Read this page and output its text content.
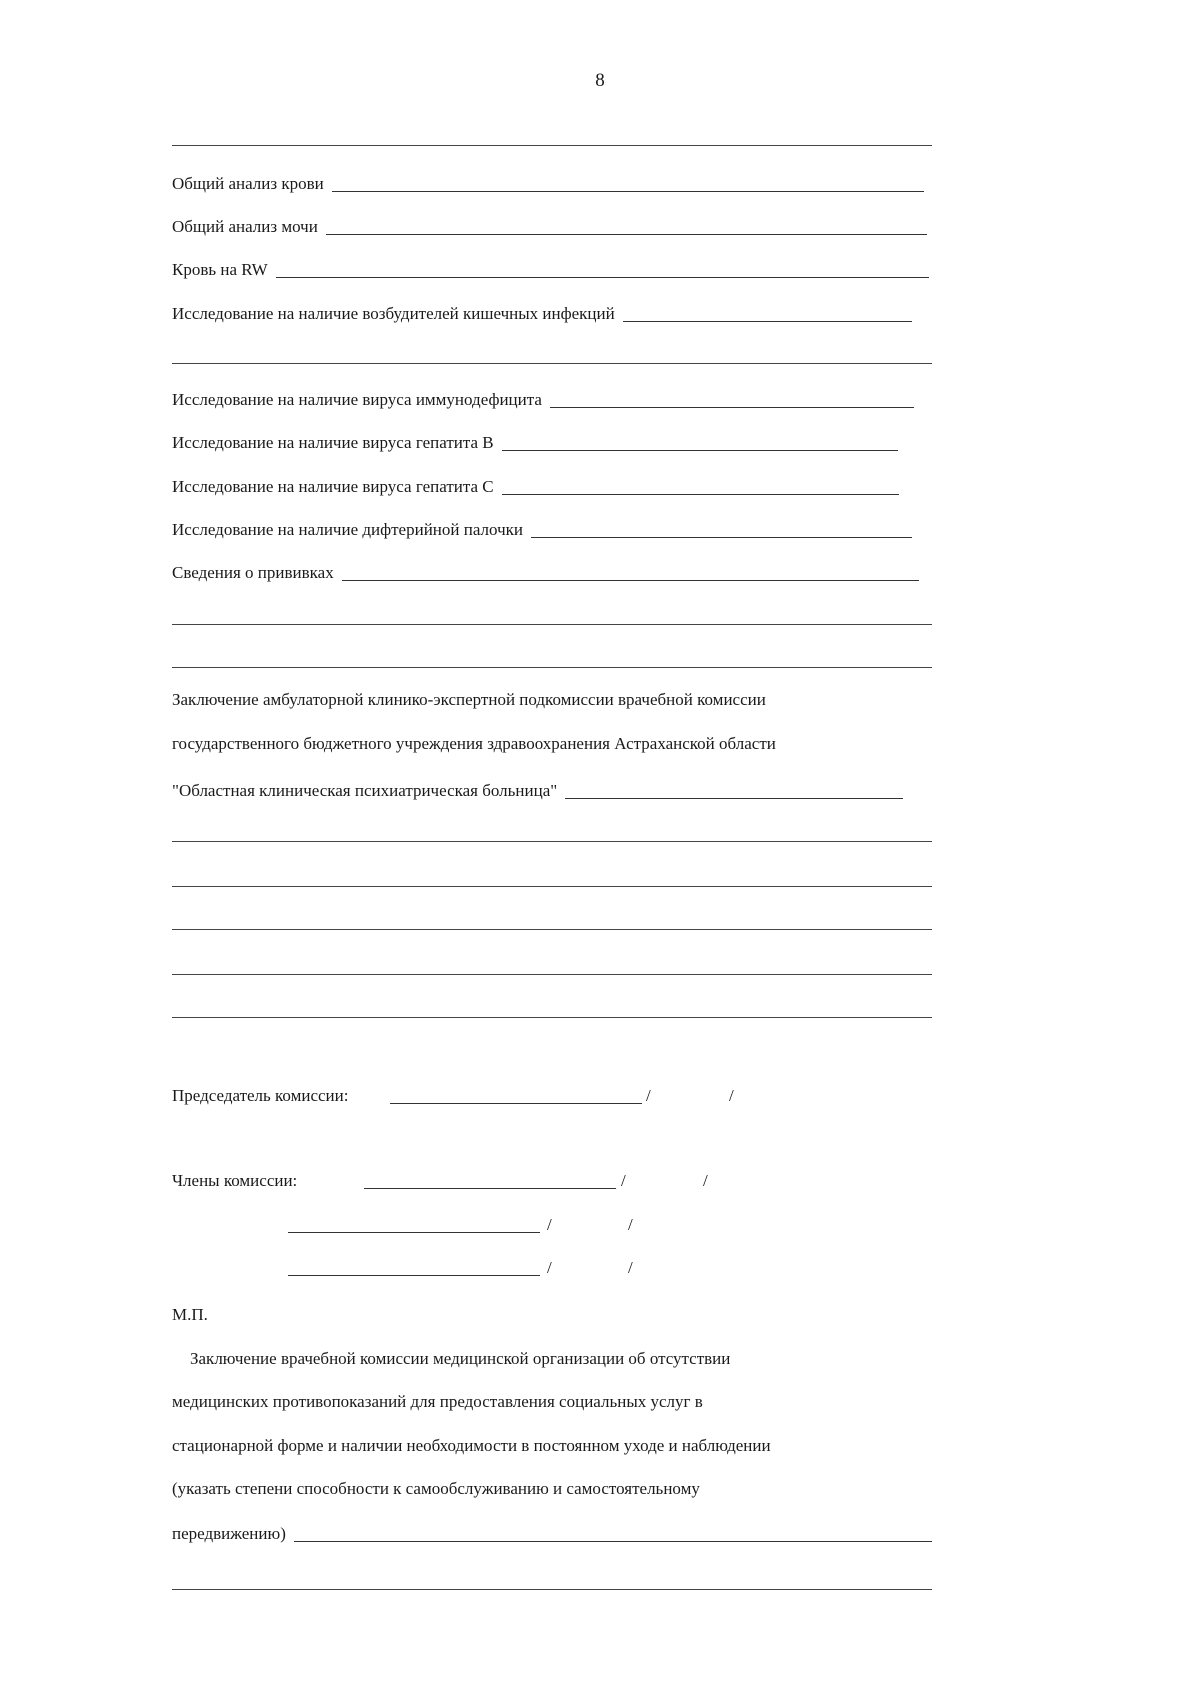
8
Общий анализ крови
Общий анализ мочи
Кровь на RW
Исследование на наличие возбудителей кишечных инфекций
Исследование на наличие вируса иммунодефицита
Исследование на наличие вируса гепатита В
Исследование на наличие вируса гепатита С
Исследование на наличие дифтерийной палочки
Сведения о прививках
Заключение амбулаторной клинико-экспертной подкомиссии врачебной комиссии
государственного бюджетного учреждения здравоохранения Астраханской области
"Областная клиническая психиатрическая больница"
Председатель комиссии:	/	/
Члены комиссии:	/	/
/	/
/	/
М.П.
Заключение врачебной комиссии медицинской организации об отсутствии
медицинских противопоказаний для предоставления социальных услуг в
стационарной форме и наличии необходимости в постоянном уходе и наблюдении
(указать степени способности к самообслуживанию и самостоятельному
передвижению)
